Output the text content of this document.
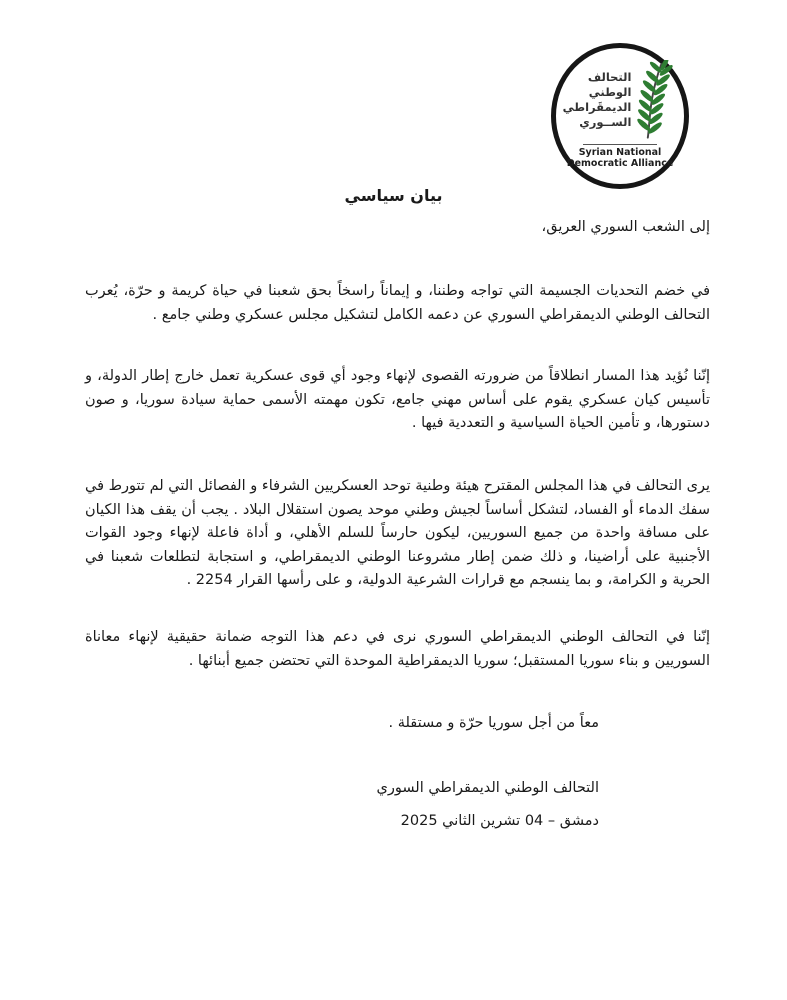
التحالف
الوطني
الديمقَراطي
الســوري
Syrian National
Democratic Alliance
بيان سياسي

إلى الشعب السوري العريق،

في خضم التحديات الجسيمة التي تواجه وطننا، و إيماناً راسخاً بحق شعبنا في حياة كريمة و حرّة، يُعرب التحالف الوطني الديمقراطي السوري عن دعمه الكامل لتشكيل مجلس عسكري وطني جامع .

إنّنا نُؤيد هذا المسار انطلاقاً من ضرورته القصوى لإنهاء وجود أي قوى عسكرية تعمل خارج إطار الدولة، و تأسيس كيان عسكري يقوم على أساس مهني جامع، تكون مهمته الأسمى حماية سيادة سوريا، و صون دستورها، و تأمين الحياة السياسية و التعددية فيها .

يرى التحالف في هذا المجلس المقترح هيئة وطنية توحد العسكريين الشرفاء و الفصائل التي لم تتورط في سفك الدماء أو الفساد، لتشكل أساساً لجيش وطني موحد يصون استقلال البلاد . يجب أن يقف هذا الكيان على مسافة واحدة من جميع السوريين، ليكون حارساً للسلم الأهلي، و أداة فاعلة لإنهاء وجود القوات الأجنبية على أراضينا، و ذلك ضمن إطار مشروعنا الوطني الديمقراطي، و استجابة لتطلعات شعبنا في الحرية و الكرامة، و بما ينسجم مع قرارات الشرعية الدولية، و على رأسها القرار 2254 .

إنّنا في التحالف الوطني الديمقراطي السوري نرى في دعم هذا التوجه ضمانة حقيقية لإنهاء معاناة السوريين و بناء سوريا المستقبل؛ سوريا الديمقراطية الموحدة التي تحتضن جميع أبنائها .

معاً من أجل سوريا حرّة و مستقلة .

التحالف الوطني الديمقراطي السوري

دمشق – 04 تشرين الثاني 2025
